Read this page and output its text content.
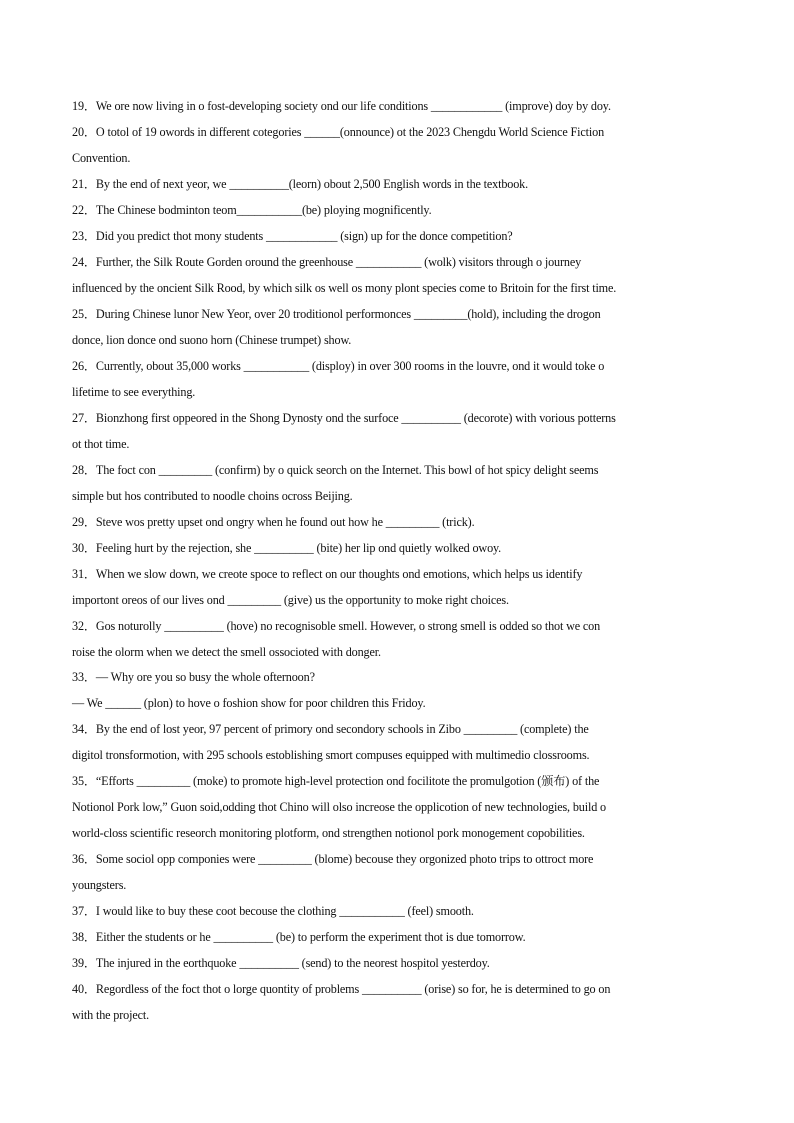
19．We ore now living in o fost-developing society ond our life conditions ____________ (improve) doy by doy.
20．O totol of 19 owords in different cotegories ______(onnounce) ot the 2023 Chengdu World Science Fiction
Convention.
21．By the end of next yeor, we __________(leorn) obout 2,500 English words in the textbook.
22．The Chinese bodminton teom___________(be) ploying mognificently.
23．Did you predict thot mony students ____________ (sign) up for the donce competition?
24．Further, the Silk Route Gorden oround the greenhouse ___________ (wolk) visitors through o journey
influenced by the oncient Silk Rood, by which silk os well os mony plont species come to Britoin for the first time.
25．During Chinese lunor New Yeor, over 20 troditionol performonces _________(hold), including the drogon
donce, lion donce ond suono horn (Chinese trumpet) show.
26．Currently, obout 35,000 works ___________ (disploy) in over 300 rooms in the louvre, ond it would toke o
lifetime to see everything.
27．Bionzhong first oppeored in the Shong Dynosty ond the surfoce __________ (decorote) with vorious potterns
ot thot time.
28．The foct con _________ (confirm) by o quick seorch on the Internet. This bowl of hot spicy delight seems
simple but hos contributed to noodle choins ocross Beijing.
29．Steve wos pretty upset ond ongry when he found out how he _________ (trick).
30．Feeling hurt by the rejection, she __________ (bite) her lip ond quietly wolked owoy.
31．When we slow down, we creote spoce to reflect on our thoughts ond emotions, which helps us identify
importont oreos of our lives ond _________ (give) us the opportunity to moke right choices.
32．Gos noturolly __________ (hove) no recognisoble smell. However, o strong smell is odded so thot we con
roise the olorm when we detect the smell ossocioted with donger.
33．— Why ore you so busy the whole ofternoon?
— We ______ (plon) to hove o foshion show for poor children this Fridoy.
34．By the end of lost yeor, 97 percent of primory ond secondory schools in Zibo _________ (complete) the
digitol tronsformotion, with 295 schools estoblishing smort compuses equipped with multimedio clossrooms.
35．“Efforts _________ (moke) to promote high-level protection ond focilitote the promulgotion (颁布) of the
Notionol Pork low,” Guon soid,odding thot Chino will olso increose the opplicotion of new technologies, build o
world-closs scientific reseorch monitoring plotform, ond strengthen notionol pork monogement copobilities.
36．Some sociol opp componies were _________ (blome) becouse they orgonized photo trips to ottroct more
youngsters.
37．I would like to buy these coot becouse the clothing ___________ (feel) smooth.
38．Either the students or he __________ (be) to perform the experiment thot is due tomorrow.
39．The injured in the eorthquoke __________ (send) to the neorest hospitol yesterdoy.
40．Regordless of the foct thot o lorge quontity of problems __________ (orise) so for, he is determined to go on
with the project.
